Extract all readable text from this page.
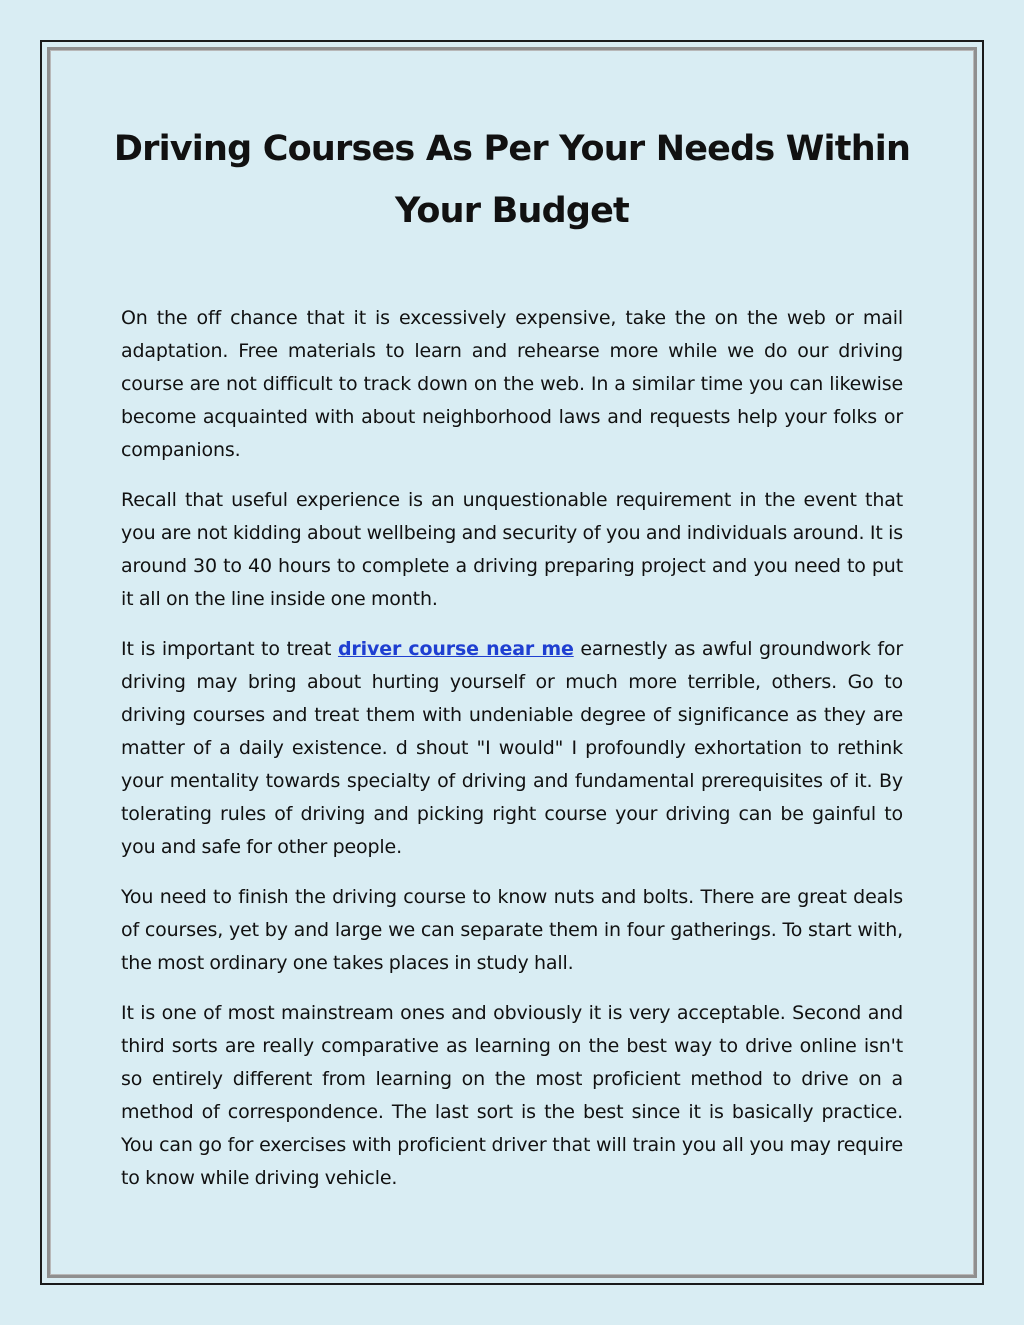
Driving Courses As Per Your Needs Within Your Budget

On the off chance that it is excessively expensive, take the on the web or mail adaptation. Free materials to learn and rehearse more while we do our driving course are not difficult to track down on the web. In a similar time you can likewise become acquainted with about neighborhood laws and requests help your folks or companions.

Recall that useful experience is an unquestionable requirement in the event that you are not kidding about wellbeing and security of you and individuals around. It is around 30 to 40 hours to complete a driving preparing project and you need to put it all on the line inside one month.

It is important to treat driver course near me earnestly as awful groundwork for driving may bring about hurting yourself or much more terrible, others. Go to driving courses and treat them with undeniable degree of significance as they are matter of a daily existence. d shout "I would" I profoundly exhortation to rethink your mentality towards specialty of driving and fundamental prerequisites of it. By tolerating rules of driving and picking right course your driving can be gainful to you and safe for other people.

You need to finish the driving course to know nuts and bolts. There are great deals of courses, yet by and large we can separate them in four gatherings. To start with, the most ordinary one takes places in study hall.

It is one of most mainstream ones and obviously it is very acceptable. Second and third sorts are really comparative as learning on the best way to drive online isn't so entirely different from learning on the most proficient method to drive on a method of correspondence. The last sort is the best since it is basically practice. You can go for exercises with proficient driver that will train you all you may require to know while driving vehicle.
